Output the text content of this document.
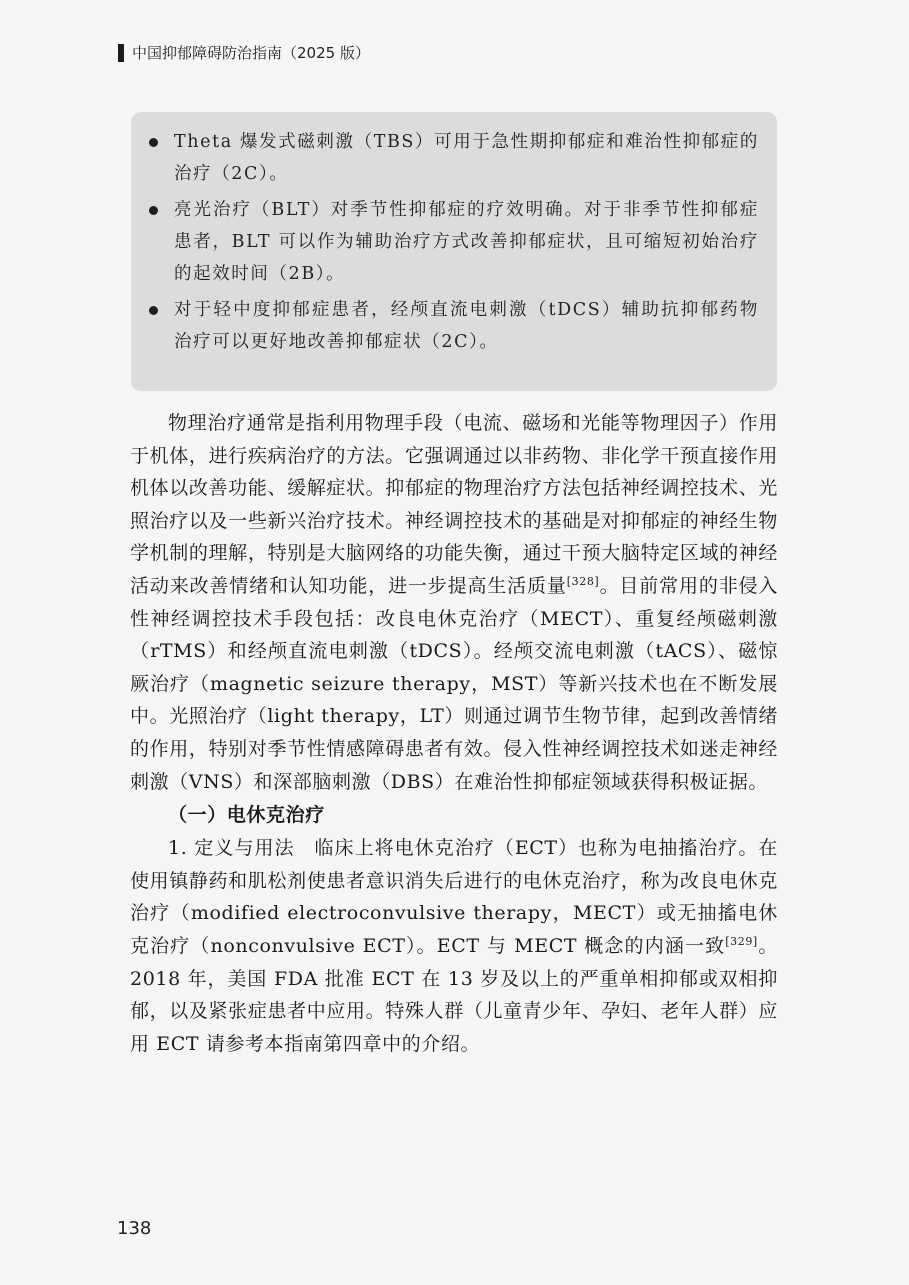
中国抑郁障碍防治指南（2025 版）
Theta 爆发式磁刺激（TBS）可用于急性期抑郁症和难治性抑郁症的治疗（2C）。
亮光治疗（BLT）对季节性抑郁症的疗效明确。对于非季节性抑郁症患者，BLT 可以作为辅助治疗方式改善抑郁症状，且可缩短初始治疗的起效时间（2B）。
对于轻中度抑郁症患者，经颅直流电刺激（tDCS）辅助抗抑郁药物治疗可以更好地改善抑郁症状（2C）。

物理治疗通常是指利用物理手段（电流、磁场和光能等物理因子）作用于机体，进行疾病治疗的方法。它强调通过以非药物、非化学干预直接作用机体以改善功能、缓解症状。抑郁症的物理治疗方法包括神经调控技术、光照治疗以及一些新兴治疗技术。神经调控技术的基础是对抑郁症的神经生物学机制的理解，特别是大脑网络的功能失衡，通过干预大脑特定区域的神经活动来改善情绪和认知功能，进一步提高生活质量[328]。目前常用的非侵入性神经调控技术手段包括：改良电休克治疗（MECT）、重复经颅磁刺激（rTMS）和经颅直流电刺激（tDCS）。经颅交流电刺激（tACS）、磁惊厥治疗（magnetic seizure therapy，MST）等新兴技术也在不断发展中。光照治疗（light therapy，LT）则通过调节生物节律，起到改善情绪的作用，特别对季节性情感障碍患者有效。侵入性神经调控技术如迷走神经刺激（VNS）和深部脑刺激（DBS）在难治性抑郁症领域获得积极证据。

（一）电休克治疗

1. 定义与用法　临床上将电休克治疗（ECT）也称为电抽搐治疗。在使用镇静药和肌松剂使患者意识消失后进行的电休克治疗，称为改良电休克治疗（modified electroconvulsive therapy，MECT）或无抽搐电休克治疗（nonconvulsive ECT）。ECT 与 MECT 概念的内涵一致[329]。2018 年，美国 FDA 批准 ECT 在 13 岁及以上的严重单相抑郁或双相抑郁，以及紧张症患者中应用。特殊人群（儿童青少年、孕妇、老年人群）应用 ECT 请参考本指南第四章中的介绍。

138
